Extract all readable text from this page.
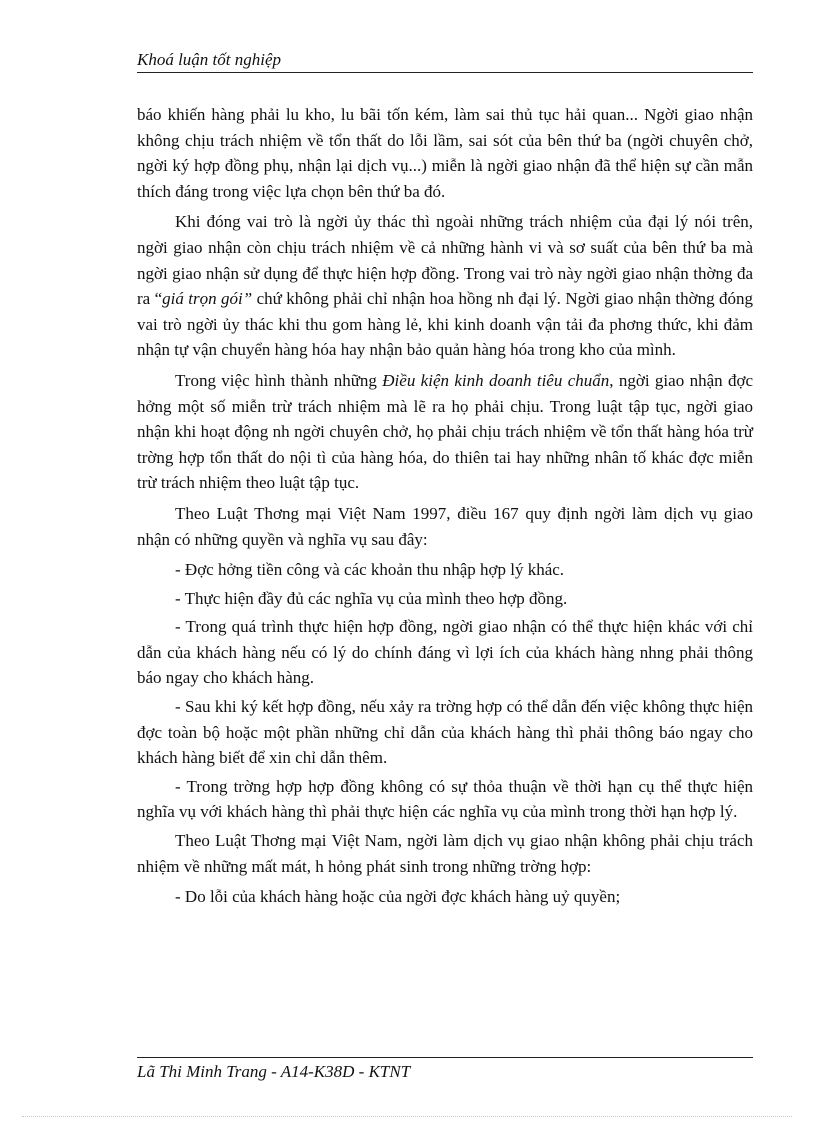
Khoá luận tốt nghiệp

báo khiến hàng phải lu kho, lu bãi tốn kém, làm sai thủ tục hải quan... Ngời giao nhận không chịu trách nhiệm về tổn thất do lỗi lầm, sai sót của bên thứ ba (ngời chuyên chở, ngời ký hợp đồng phụ, nhận lại dịch vụ...) miễn là ngời giao nhận đã thể hiện sự cần mẫn thích đáng trong việc lựa chọn bên thứ ba đó.

Khi đóng vai trò là ngời ủy thác thì ngoài những trách nhiệm của đại lý nói trên, ngời giao nhận còn chịu trách nhiệm về cả những hành vi và sơ suất của bên thứ ba mà ngời giao nhận sử dụng để thực hiện hợp đồng. Trong vai trò này ngời giao nhận thờng đa ra “giá trọn gói” chứ không phải chỉ nhận hoa hồng nh đại lý. Ngời giao nhận thờng đóng vai trò ngời ủy thác khi thu gom hàng lẻ, khi kinh doanh vận tải đa phơng thức, khi đảm nhận tự vận chuyển hàng hóa hay nhận bảo quản hàng hóa trong kho của mình.

Trong việc hình thành những Điều kiện kinh doanh tiêu chuẩn, ngời giao nhận đợc hởng một số miễn trừ trách nhiệm mà lẽ ra họ phải chịu. Trong luật tập tục, ngời giao nhận khi hoạt động nh ngời chuyên chở, họ phải chịu trách nhiệm về tổn thất hàng hóa trừ trờng hợp tổn thất do nội tì của hàng hóa, do thiên tai hay những nhân tố khác đợc miễn trừ trách nhiệm theo luật tập tục.

Theo Luật Thơng mại Việt Nam 1997, điều 167 quy định ngời làm dịch vụ giao nhận có những quyền và nghĩa vụ sau đây:

- Đợc hởng tiền công và các khoản thu nhập hợp lý khác.

- Thực hiện đầy đủ các nghĩa vụ của mình theo hợp đồng.

- Trong quá trình thực hiện hợp đồng, ngời giao nhận có thể thực hiện khác với chỉ dẫn của khách hàng nếu có lý do chính đáng vì lợi ích của khách hàng nhng phải thông báo ngay cho khách hàng.

- Sau khi ký kết hợp đồng, nếu xảy ra trờng hợp có thể dẫn đến việc không thực hiện đợc toàn bộ hoặc một phần những chỉ dẫn của khách hàng thì phải thông báo ngay cho khách hàng biết để xin chỉ dẫn thêm.

- Trong trờng hợp hợp đồng không có sự thỏa thuận về thời hạn cụ thể thực hiện nghĩa vụ với khách hàng thì phải thực hiện các nghĩa vụ của mình trong thời hạn hợp lý.

Theo Luật Thơng mại Việt Nam, ngời làm dịch vụ giao nhận không phải chịu trách nhiệm về những mất mát, h hỏng phát sinh trong những trờng hợp:

- Do lỗi của khách hàng hoặc của ngời đợc khách hàng uỷ quyền;

Lã Thi Minh Trang - A14-K38D - KTNT
